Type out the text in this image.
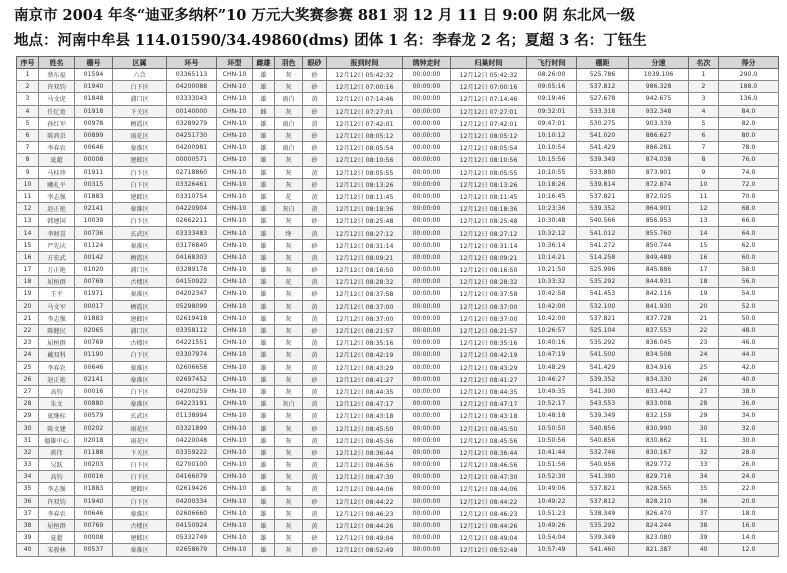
南京市 2004 年冬“迪亚多纳杯”10 万元大奖赛参赛 881 羽 12 月 11 日 9:00 阴 东北风一级
地点：河南中牟县 114.01590/34.49860(dms) 团体 1 名：李春龙 2 名；夏超 3 名：丁钰生
序号	姓名	棚号	区属	环号	环型	雌雄	羽色	眼砂	报到时间	鸽钟走时	归巢时间	飞行时间	棚距	分速	名次	得分
1	蔡东福	01594	六合	03365113	CHN-10	雄	灰	砂	12月12日 05:42:32	00:00:00	12月12日 05:42:32	08:26:00	525.786	1039.106	1	290.0
2	许双钧	01940	白下区	04200088	CHN-10	雄	灰	砂	12月12日 07:00:16	00:00:00	12月12日 07:00:16	09:05:16	537.812	986.328	2	188.0
3	马文虎	01848	浦口区	03333043	CHN-10	雄	雨白	黄	12月12日 07:14:46	00:00:00	12月12日 07:14:46	09:19:46	527.678	942.675	3	136.0
4	任忆宽	01918	下关区	00140000	CHN-10	雌	灰	砂	12月12日 07:27:01	00:00:00	12月12日 07:27:01	09:32:01	533.318	932.348	4	84.0
5	孙红军	00978	栖霞区	03289279	CHN-10	雄	雨白	黄	12月12日 07:42:01	00:00:00	12月12日 07:42:01	09:47:01	530.275	903.339	5	82.0
6	陈鸿京	00899	雨花区	04251730	CHN-10	雄	灰	砂	12月12日 08:05:12	00:00:00	12月12日 08:05:12	10:10:12	541.020	886.627	6	80.0
7	李春农	00646	秦淮区	04200981	CHN-10	雄	雨白	砂	12月12日 08:05:54	00:00:00	12月12日 08:05:54	10:10:54	541.429	886.281	7	78.0
8	夏超	00008	建邺区	00000571	CHN-10	雄	灰	砂	12月12日 08:10:56	00:00:00	12月12日 08:10:56	10:15:56	539.349	874.038	8	76.0
9	马桂珍	01911	白下区	02718860	CHN-10	雄	灰	黄	12月12日 08:05:55	00:00:00	12月12日 08:05:55	10:10:55	533.880	873.901	9	74.0
10	曦礼平	00315	白下区	03326461	CHN-10	雄	灰	砂	12月12日 08:13:26	00:00:00	12月12日 08:13:26	10:18:26	539.814	872.874	10	72.0
11	李志强	01883	建邺区	03310754	CHN-10	雄	花	黄	12月12日 08:11:45	00:00:00	12月12日 08:11:45	10:16:45	537.821	872.025	11	70.0
12	赵正艳	02141	秦淮区	04220904	CHN-10	雄	灰白	黄	12月12日 08:18:36	00:00:00	12月12日 08:18:36	10:23:36	539.352	864.901	12	68.0
13	韩建国	10039	白下区	02662211	CHN-10	雄	灰	砂	12月12日 08:25:48	00:00:00	12月12日 08:25:48	10:30:48	540.566	856.953	13	66.0
14	李财喜	00736	玄武区	03333483	CHN-10	雄	绛	黄	12月12日 08:27:12	00:00:00	12月12日 08:27:12	10:32:12	541.012	855.760	14	64.0
15	严先庆	01124	秦淮区	03176840	CHN-10	雄	灰	砂	12月12日 08:31:14	00:00:00	12月12日 08:31:14	10:36:14	541.272	850.744	15	62.0
16	方宏武	00142	栖霞区	04168303	CHN-10	雄	灰	黄	12月12日 08:09:21	00:00:00	12月12日 08:09:21	10:14:21	514.258	849.489	16	60.0
17	万正艳	01020	浦口区	03289178	CHN-10	雄	灰	砂	12月12日 08:16:50	00:00:00	12月12日 08:16:50	10:21:50	525.996	845.886	17	58.0
18	屈桓群	00769	古楼区	04150922	CHN-10	雄	花	黄	12月12日 08:28:32	00:00:00	12月12日 08:28:32	10:33:32	535.292	844.931	18	56.0
19	王平	01971	秦淮区	04202347	CHN-10	雄	灰	砂	12月12日 08:37:58	00:00:00	12月12日 08:37:58	10:42:58	541.453	842.116	19	54.0
20	马文军	00017	栖霞区	05298099	CHN-10	雄	灰	黄	12月12日 08:37:00	00:00:00	12月12日 08:37:00	10:42:00	532.100	841.930	20	52.0
21	李志强	01883	建邺区	02619418	CHN-10	雄	灰	黄	12月12日 08:37:00	00:00:00	12月12日 08:37:00	10:42:00	537.821	837.728	21	50.0
22	陈健民	02065	浦口区	03358112	CHN-10	雄	灰	砂	12月12日 08:21:57	00:00:00	12月12日 08:21:57	10:26:57	525.104	837.553	22	48.0
23	屈桓群	00769	古楼区	04221551	CHN-10	雄	灰	黄	12月12日 08:35:16	00:00:00	12月12日 08:35:16	10:40:16	535.292	836.045	23	46.0
24	戴双科	01190	白下区	03307974	CHN-10	雄	灰	黄	12月12日 08:42:19	00:00:00	12月12日 08:42:19	10:47:19	541.500	834.508	24	44.0
25	李春农	00646	秦淮区	02606658	CHN-10	雄	灰	黄	12月12日 08:43:29	00:00:00	12月12日 08:43:29	10:48:29	541.429	834.916	25	42.0
26	赵正艳	02141	秦淮区	02697452	CHN-10	雄	灰	砂	12月12日 08:41:27	00:00:00	12月12日 08:41:27	10:46:27	539.352	834.330	26	40.0
27	高钧	00016	白下区	04200259	CHN-10	雄	灰	黄	12月12日 08:44:35	00:00:00	12月12日 08:44:35	10:49:35	541.390	833.442	27	38.0
28	朱文	00880	秦淮区	04223191	CHN-10	雄	灰白	黄	12月12日 08:47:17	00:00:00	12月12日 08:47:17	10:52:17	543.553	833.008	28	36.0
29	夏继标	00579	玄武区	01138994	CHN-10	雄	灰	黄	12月12日 08:43:18	00:00:00	12月12日 08:43:18	10:48:18	539.349	832.159	29	34.0
30	陈文建	00202	雨花区	03321899	CHN-10	雄	灰	砂	12月12日 08:45:50	00:00:00	12月12日 08:45:50	10:50:50	540.856	830.990	30	32.0
31	德雄中心	02018	雨花区	04220048	CHN-10	雄	灰	黄	12月12日 08:45:56	00:00:00	12月12日 08:45:56	10:50:56	540.856	830.862	31	30.0
32	蒋伟	01188	下关区	03359222	CHN-10	雄	灰	砂	12月12日 08:36:44	00:00:00	12月12日 08:36:44	10:41:44	532.746	830.167	32	28.0
33	吴跃	00203	白下区	02700100	CHN-10	雄	灰	黄	12月12日 08:46:56	00:00:00	12月12日 08:46:56	10:51:56	540.956	829.772	33	26.0
34	高钧	00016	白下区	04166079	CHN-10	雄	灰	黄	12月12日 08:47:30	00:00:00	12月12日 08:47:30	10:52:30	541.390	829.716	34	24.0
35	李志强	01883	建邺区	02619426	CHN-10	雄	灰	黄	12月12日 08:44:06	00:00:00	12月12日 08:44:06	10:49:06	537.821	828.565	35	22.0
36	许双钧	01940	白下区	04200334	CHN-10	雄	灰	砂	12月12日 08:44:22	00:00:00	12月12日 08:44:22	10:49:22	537.812	828.210	36	20.0
37	李春农	00646	秦淮区	02606660	CHN-10	雄	灰	黄	12月12日 08:46:23	00:00:00	12月12日 08:46:23	10:51:23	538.349	826.470	37	18.0
38	屈桓群	00769	古楼区	04150924	CHN-10	雄	灰	黄	12月12日 08:44:26	00:00:00	12月12日 08:44:26	10:49:26	535.292	824.244	38	16.0
39	夏超	00008	建邺区	05332749	CHN-10	雄	灰	砂	12月12日 08:49:04	00:00:00	12月12日 08:49:04	10:54:04	539.349	823.080	39	14.0
40	宋骏林	00537	秦淮区	02658679	CHN-10	雄	灰	砂	12月12日 08:52:49	00:00:00	12月12日 08:52:49	10:57:49	541.460	821.387	40	12.0
